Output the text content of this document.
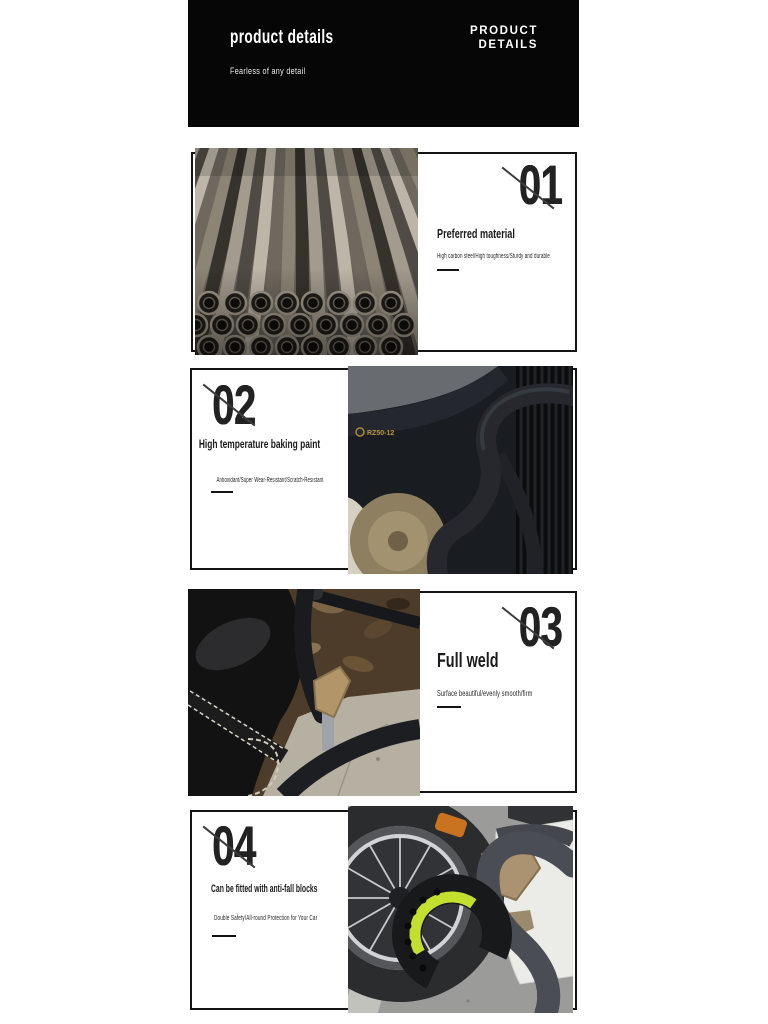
product details
Fearless of any detail
PRODUCT
DETAILS
01
Preferred material
High carbon steel/High toughness/Sturdy and durable
RZ50-12
02
High temperature baking paint
Antioxidant/Super Wear-Resistant/Scratch-Resistant
03
Full weld
Surface beautiful/evenly smooth/firm
04
Can be fitted with anti-fall blocks
Double Safety/All-round Protection for Your Car
